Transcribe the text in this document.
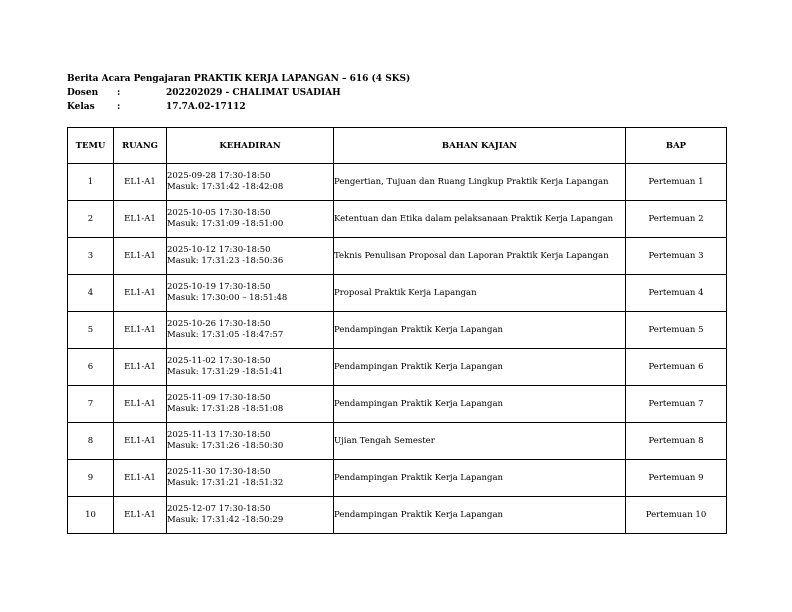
Berita Acara Pengajaran PRAKTIK KERJA LAPANGAN – 616 (4 SKS)
Dosen	:	202202029 - CHALIMAT USADIAH
Kelas	:	17.7A.02-17112
TEMU	RUANG	KEHADIRAN	BAHAN KAJIAN	BAP
1	EL1-A1	2025-09-28 17:30-18:50
Masuk: 17:31:42 -18:42:08	Pengertian, Tujuan dan Ruang Lingkup Praktik Kerja Lapangan	Pertemuan 1
2	EL1-A1	2025-10-05 17:30-18:50
Masuk: 17:31:09 -18:51:00	Ketentuan dan Etika dalam pelaksanaan Praktik Kerja Lapangan	Pertemuan 2
3	EL1-A1	2025-10-12 17:30-18:50
Masuk: 17:31:23 -18:50:36	Teknis Penulisan Proposal dan Laporan Praktik Kerja Lapangan	Pertemuan 3
4	EL1-A1	2025-10-19 17:30-18:50
Masuk: 17:30:00 – 18:51:48	Proposal Praktik Kerja Lapangan	Pertemuan 4
5	EL1-A1	2025-10-26 17:30-18:50
Masuk: 17:31:05 -18:47:57	Pendampingan Praktik Kerja Lapangan	Pertemuan 5
6	EL1-A1	2025-11-02 17:30-18:50
Masuk: 17:31:29 -18:51:41	Pendampingan Praktik Kerja Lapangan	Pertemuan 6
7	EL1-A1	2025-11-09 17:30-18:50
Masuk: 17:31:28 -18:51:08	Pendampingan Praktik Kerja Lapangan	Pertemuan 7
8	EL1-A1	2025-11-13 17:30-18:50
Masuk: 17:31:26 -18:50:30	Ujian Tengah Semester	Pertemuan 8
9	EL1-A1	2025-11-30 17:30-18:50
Masuk: 17:31:21 -18:51:32	Pendampingan Praktik Kerja Lapangan	Pertemuan 9
10	EL1-A1	2025-12-07 17:30-18:50
Masuk: 17:31:42 -18:50:29	Pendampingan Praktik Kerja Lapangan	Pertemuan 10
